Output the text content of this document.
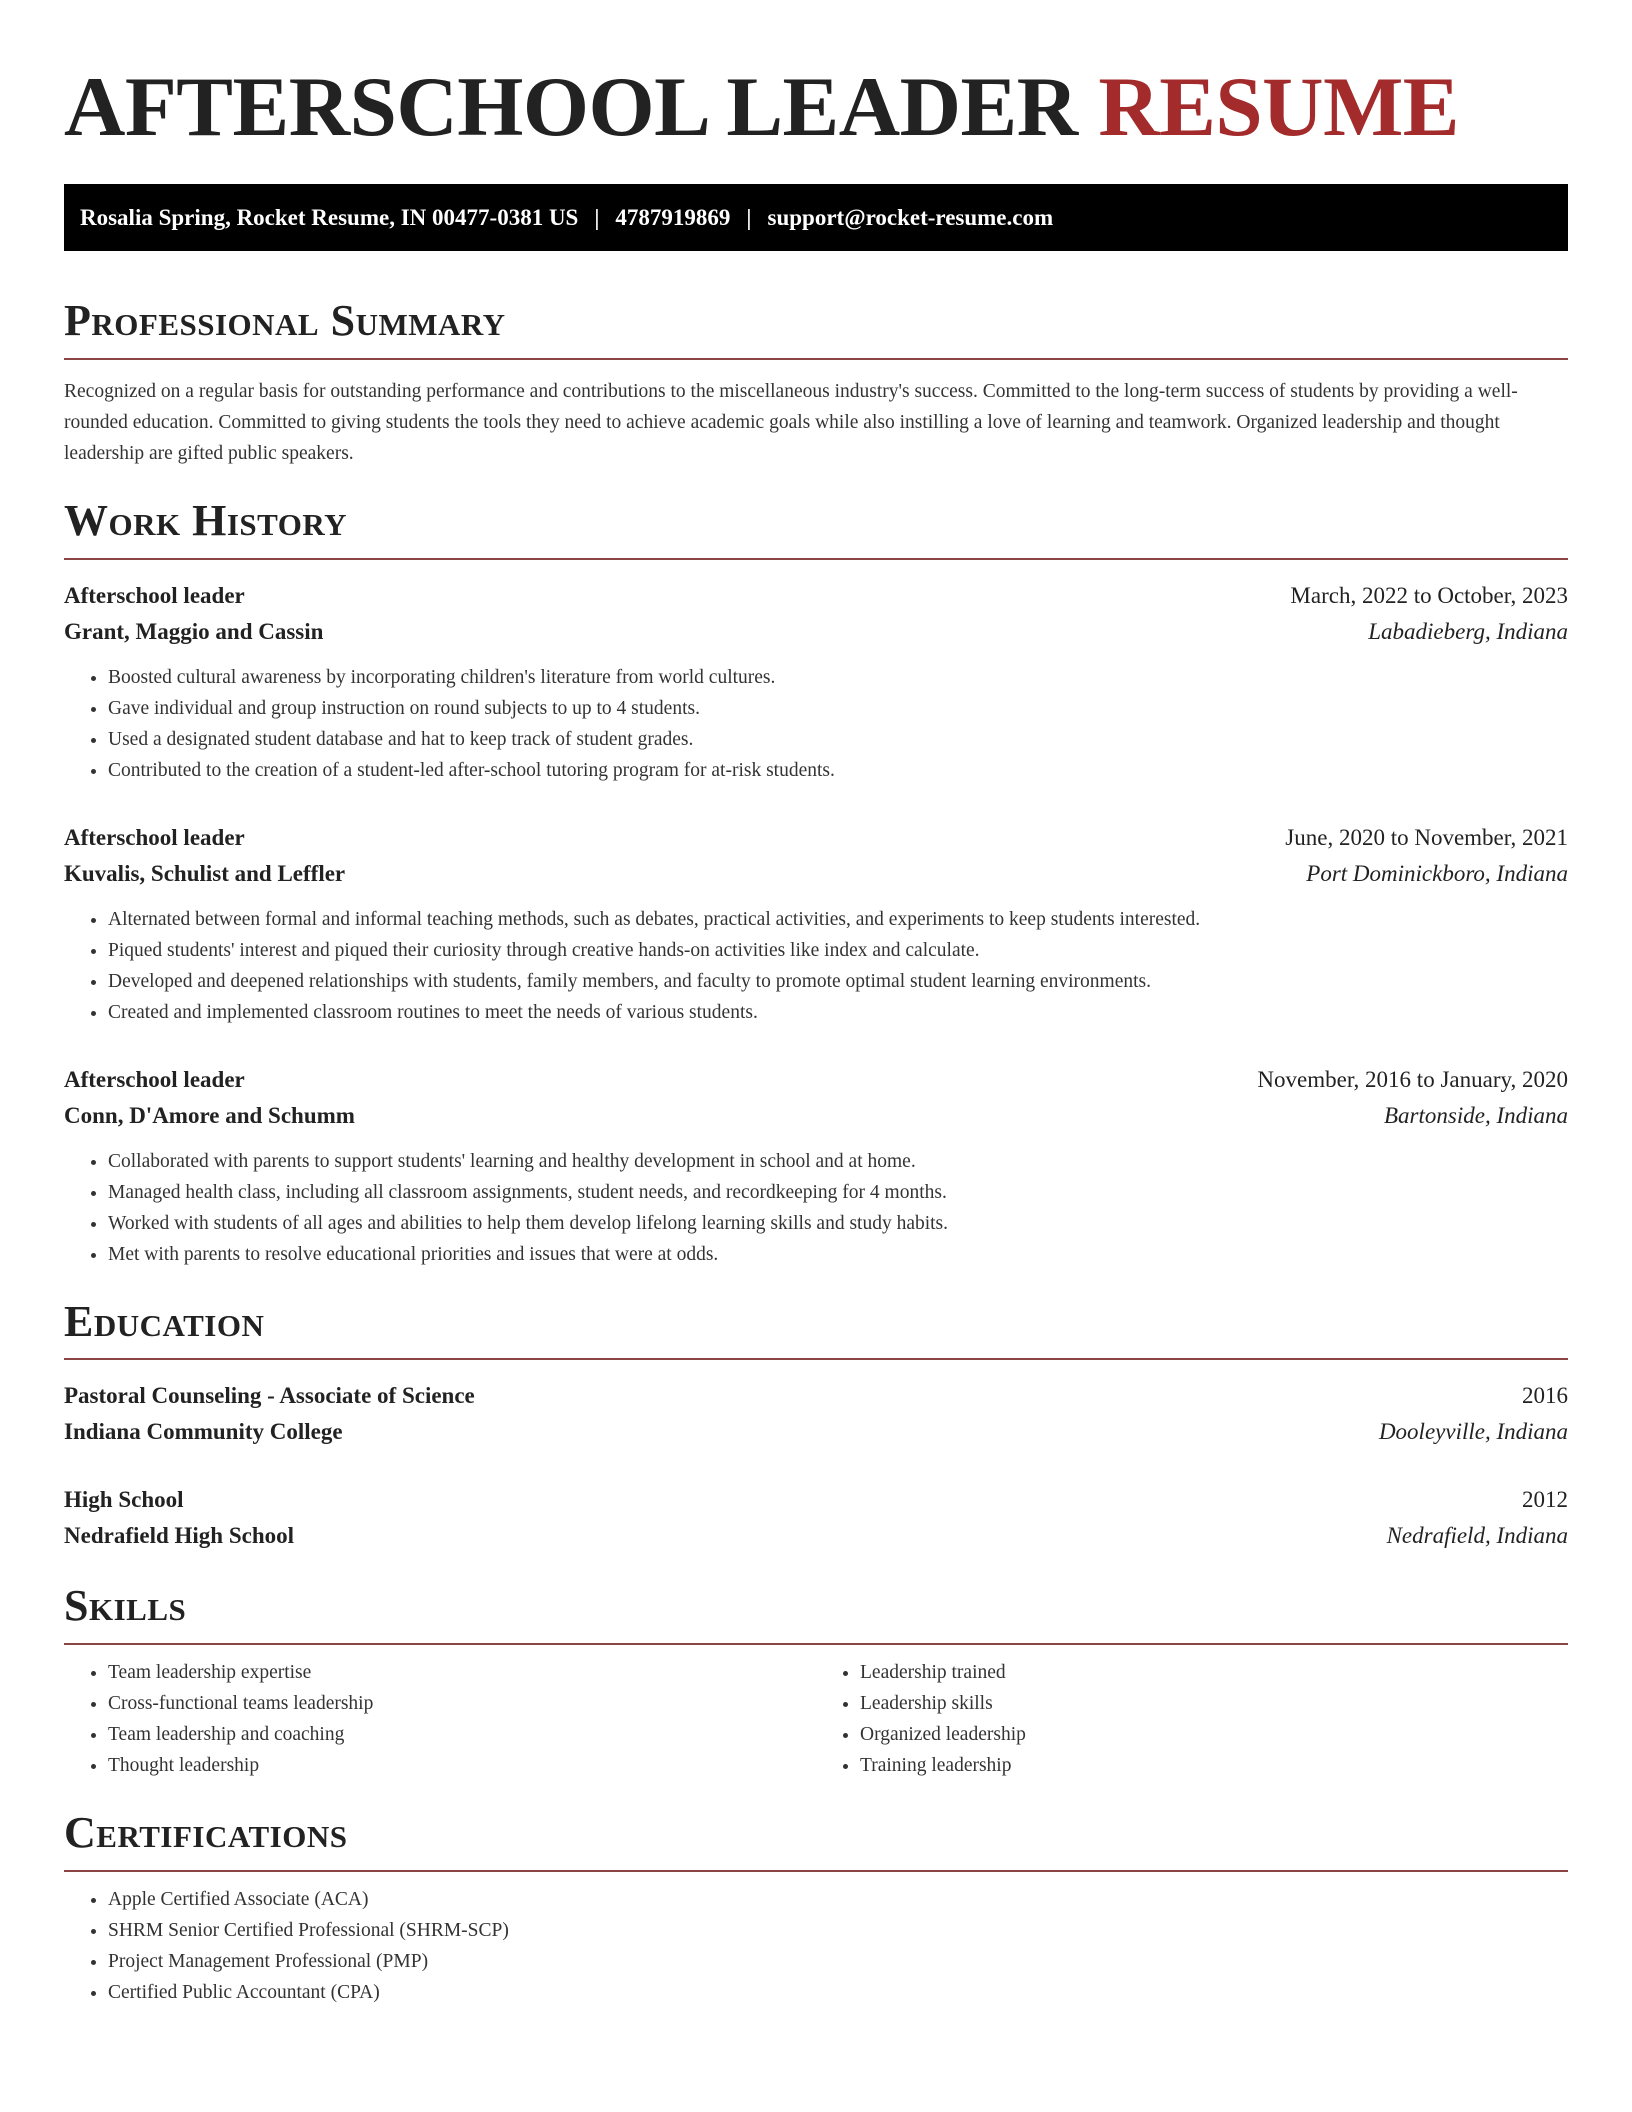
AFTERSCHOOL LEADER RESUME
Rosalia Spring, Rocket Resume, IN 00477-0381 US | 4787919869 | support@rocket-resume.com
Professional Summary

Recognized on a regular basis for outstanding performance and contributions to the miscellaneous industry's success. Committed to the long-term success of students by providing a well-rounded education. Committed to giving students the tools they need to achieve academic goals while also instilling a love of learning and teamwork. Organized leadership and thought leadership are gifted public speakers.

Work History
Afterschool leader	March, 2022 to October, 2023
Grant, Maggio and Cassin	Labadieberg, Indiana
• Boosted cultural awareness by incorporating children's literature from world cultures.
• Gave individual and group instruction on round subjects to up to 4 students.
• Used a designated student database and hat to keep track of student grades.
• Contributed to the creation of a student-led after-school tutoring program for at-risk students.
Afterschool leader	June, 2020 to November, 2021
Kuvalis, Schulist and Leffler	Port Dominickboro, Indiana
• Alternated between formal and informal teaching methods, such as debates, practical activities, and experiments to keep students interested.
• Piqued students' interest and piqued their curiosity through creative hands-on activities like index and calculate.
• Developed and deepened relationships with students, family members, and faculty to promote optimal student learning environments.
• Created and implemented classroom routines to meet the needs of various students.
Afterschool leader	November, 2016 to January, 2020
Conn, D'Amore and Schumm	Bartonside, Indiana
• Collaborated with parents to support students' learning and healthy development in school and at home.
• Managed health class, including all classroom assignments, student needs, and recordkeeping for 4 months.
• Worked with students of all ages and abilities to help them develop lifelong learning skills and study habits.
• Met with parents to resolve educational priorities and issues that were at odds.
Education
Pastoral Counseling - Associate of Science	2016
Indiana Community College	Dooleyville, Indiana
High School	2012
Nedrafield High School	Nedrafield, Indiana
Skills
• Team leadership expertise
• Cross-functional teams leadership
• Team leadership and coaching
• Thought leadership
• Leadership trained
• Leadership skills
• Organized leadership
• Training leadership
Certifications
• Apple Certified Associate (ACA)
• SHRM Senior Certified Professional (SHRM-SCP)
• Project Management Professional (PMP)
• Certified Public Accountant (CPA)
